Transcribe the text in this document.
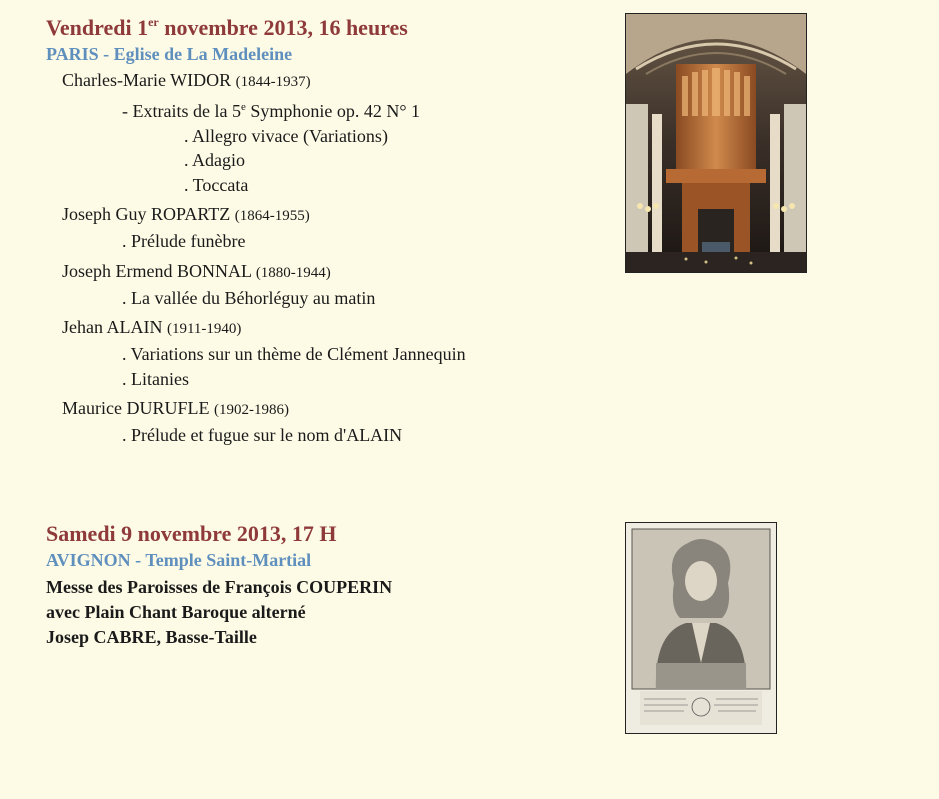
Vendredi 1er novembre 2013, 16 heures
PARIS - Eglise de La Madeleine
Charles-Marie WIDOR (1844-1937)
- Extraits de la 5e Symphonie op. 42 N° 1
. Allegro vivace (Variations)
. Adagio
. Toccata
Joseph Guy ROPARTZ (1864-1955)
. Prélude funèbre
Joseph Ermend BONNAL (1880-1944)
. La vallée du Béhorléguy au matin
Jehan ALAIN (1911-1940)
. Variations sur un thème de Clément Jannequin
. Litanies
Maurice DURUFLE (1902-1986)
. Prélude et fugue sur le nom d'ALAIN
Samedi 9 novembre 2013, 17 H
AVIGNON - Temple Saint-Martial
Messe des Paroisses de François COUPERIN
avec Plain Chant Baroque alterné
Josep CABRE, Basse-Taille
